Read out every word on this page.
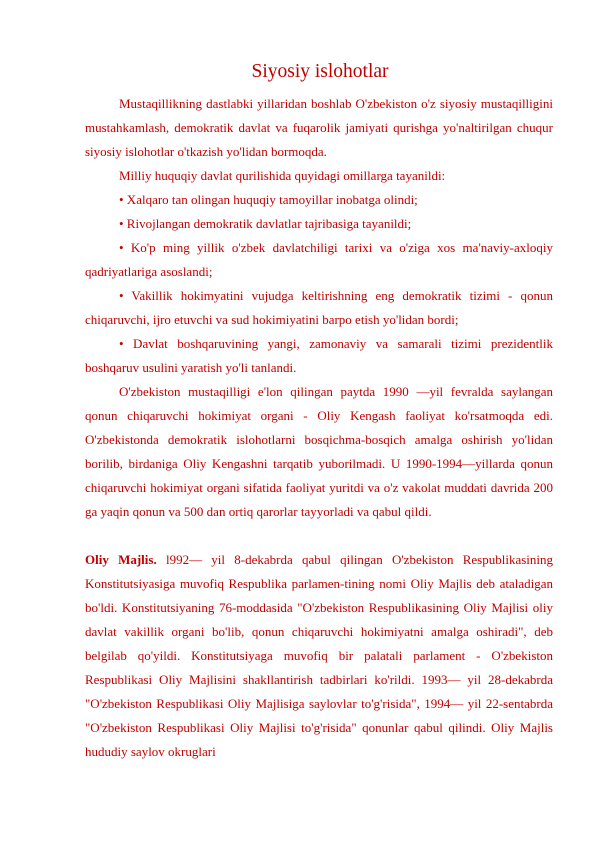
Siyosiy islohotlar

Mustaqillikning dastlabki yillaridan boshlab O'zbekiston o'z siyosiy mustaqilligini mustahkamlash, demokratik davlat va fuqarolik jamiyati qurishga yo'naltirilgan chuqur siyosiy islohotlar o'tkazish yo'lidan bormoqda.

Milliy huquqiy davlat qurilishida quyidagi omillarga tayanildi:

• Xalqaro tan olingan huquqiy tamoyillar inobatga olindi;

• Rivojlangan demokratik davlatlar tajribasiga tayanildi;

• Ko'p ming yillik o'zbek davlatchiligi tarixi va o'ziga xos ma'naviy-axloqiy qadriyatlariga asoslandi;

• Vakillik hokimyatini vujudga keltirishning eng demokratik tizimi - qonun chiqaruvchi, ijro etuvchi va sud hokimiyatini barpo etish yo'lidan bordi;

• Davlat boshqaruvining yangi, zamonaviy va samarali tizimi prezidentlik boshqaruv usulini yaratish yo'li tanlandi.

O'zbekiston mustaqilligi e'lon qilingan paytda 1990 —yil fevralda saylangan qonun chiqaruvchi hokimiyat organi - Oliy Kengash faoliyat ko'rsatmoqda edi. O'zbekistonda demokratik islohotlarni bosqichma-bosqich amalga oshirish yo'lidan borilib, birdaniga Oliy Kengashni tarqatib yuborilmadi. U 1990-1994—yillarda qonun chiqaruvchi hokimiyat organi sifatida faoliyat yuritdi va o'z vakolat muddati davrida 200 ga yaqin qonun va 500 dan ortiq qarorlar tayyorladi va qabul qildi.

Oliy Majlis. l992— yil 8-dekabrda qabul qilingan O'zbekiston Respublikasining Konstitutsiyasiga muvofiq Respublika parlamen-tining nomi Oliy Majlis deb ataladigan bo'ldi. Konstitutsiyaning 76-moddasida "O'zbekiston Respublikasining Oliy Majlisi oliy davlat vakillik organi bo'lib, qonun chiqaruvchi hokimiyatni amalga oshiradi", deb belgilab qo'yildi. Konstitutsiyaga muvofiq bir palatali parlament - O'zbekiston Respublikasi Oliy Majlisini shakllantirish tadbirlari ko'rildi. 1993— yil 28-dekabrda "O'zbekiston Respublikasi Oliy Majlisiga saylovlar to'g'risida", 1994— yil 22-sentabrda "O'zbekiston Respublikasi Oliy Majlisi to'g'risida" qonunlar qabul qilindi. Oliy Majlis hududiy saylov okruglari
